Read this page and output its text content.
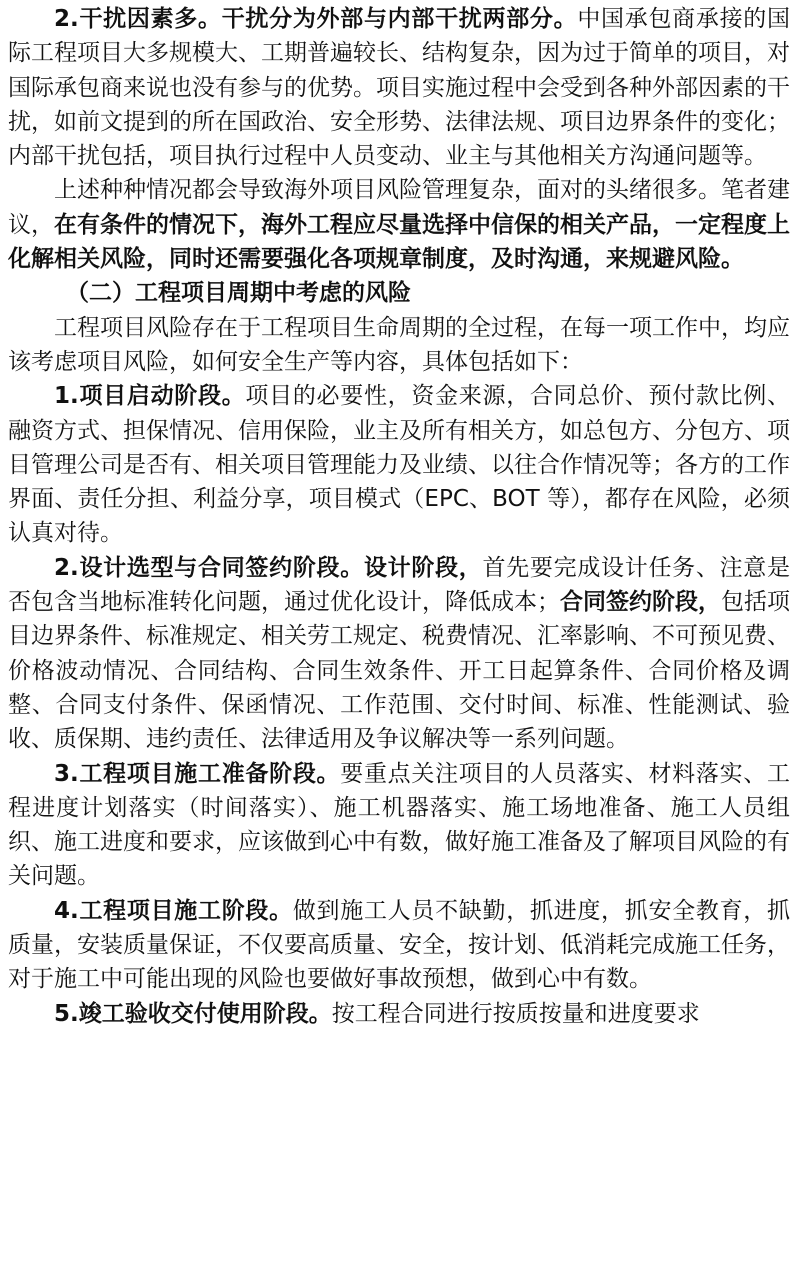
2.干扰因素多。干扰分为外部与内部干扰两部分。中国承包商承接的国际工程项目大多规模大、工期普遍较长、结构复杂，因为过于简单的项目，对国际承包商来说也没有参与的优势。项目实施过程中会受到各种外部因素的干扰，如前文提到的所在国政治、安全形势、法律法规、项目边界条件的变化；内部干扰包括，项目执行过程中人员变动、业主与其他相关方沟通问题等。

上述种种情况都会导致海外项目风险管理复杂，面对的头绪很多。笔者建议，在有条件的情况下，海外工程应尽量选择中信保的相关产品，一定程度上化解相关风险，同时还需要强化各项规章制度，及时沟通，来规避风险。

（二）工程项目周期中考虑的风险

工程项目风险存在于工程项目生命周期的全过程，在每一项工作中，均应该考虑项目风险，如何安全生产等内容，具体包括如下：

1.项目启动阶段。项目的必要性，资金来源，合同总价、预付款比例、融资方式、担保情况、信用保险，业主及所有相关方，如总包方、分包方、项目管理公司是否有、相关项目管理能力及业绩、以往合作情况等；各方的工作界面、责任分担、利益分享，项目模式（EPC、BOT 等），都存在风险，必须认真对待。

2.设计选型与合同签约阶段。设计阶段，首先要完成设计任务、注意是否包含当地标准转化问题，通过优化设计，降低成本；合同签约阶段，包括项目边界条件、标准规定、相关劳工规定、税费情况、汇率影响、不可预见费、价格波动情况、合同结构、合同生效条件、开工日起算条件、合同价格及调整、合同支付条件、保函情况、工作范围、交付时间、标准、性能测试、验收、质保期、违约责任、法律适用及争议解决等一系列问题。

3.工程项目施工准备阶段。要重点关注项目的人员落实、材料落实、工程进度计划落实（时间落实）、施工机器落实、施工场地准备、施工人员组织、施工进度和要求，应该做到心中有数，做好施工准备及了解项目风险的有关问题。

4.工程项目施工阶段。做到施工人员不缺勤，抓进度，抓安全教育，抓质量，安装质量保证，不仅要高质量、安全，按计划、低消耗完成施工任务，对于施工中可能出现的风险也要做好事故预想，做到心中有数。

5.竣工验收交付使用阶段。按工程合同进行按质按量和进度要求
